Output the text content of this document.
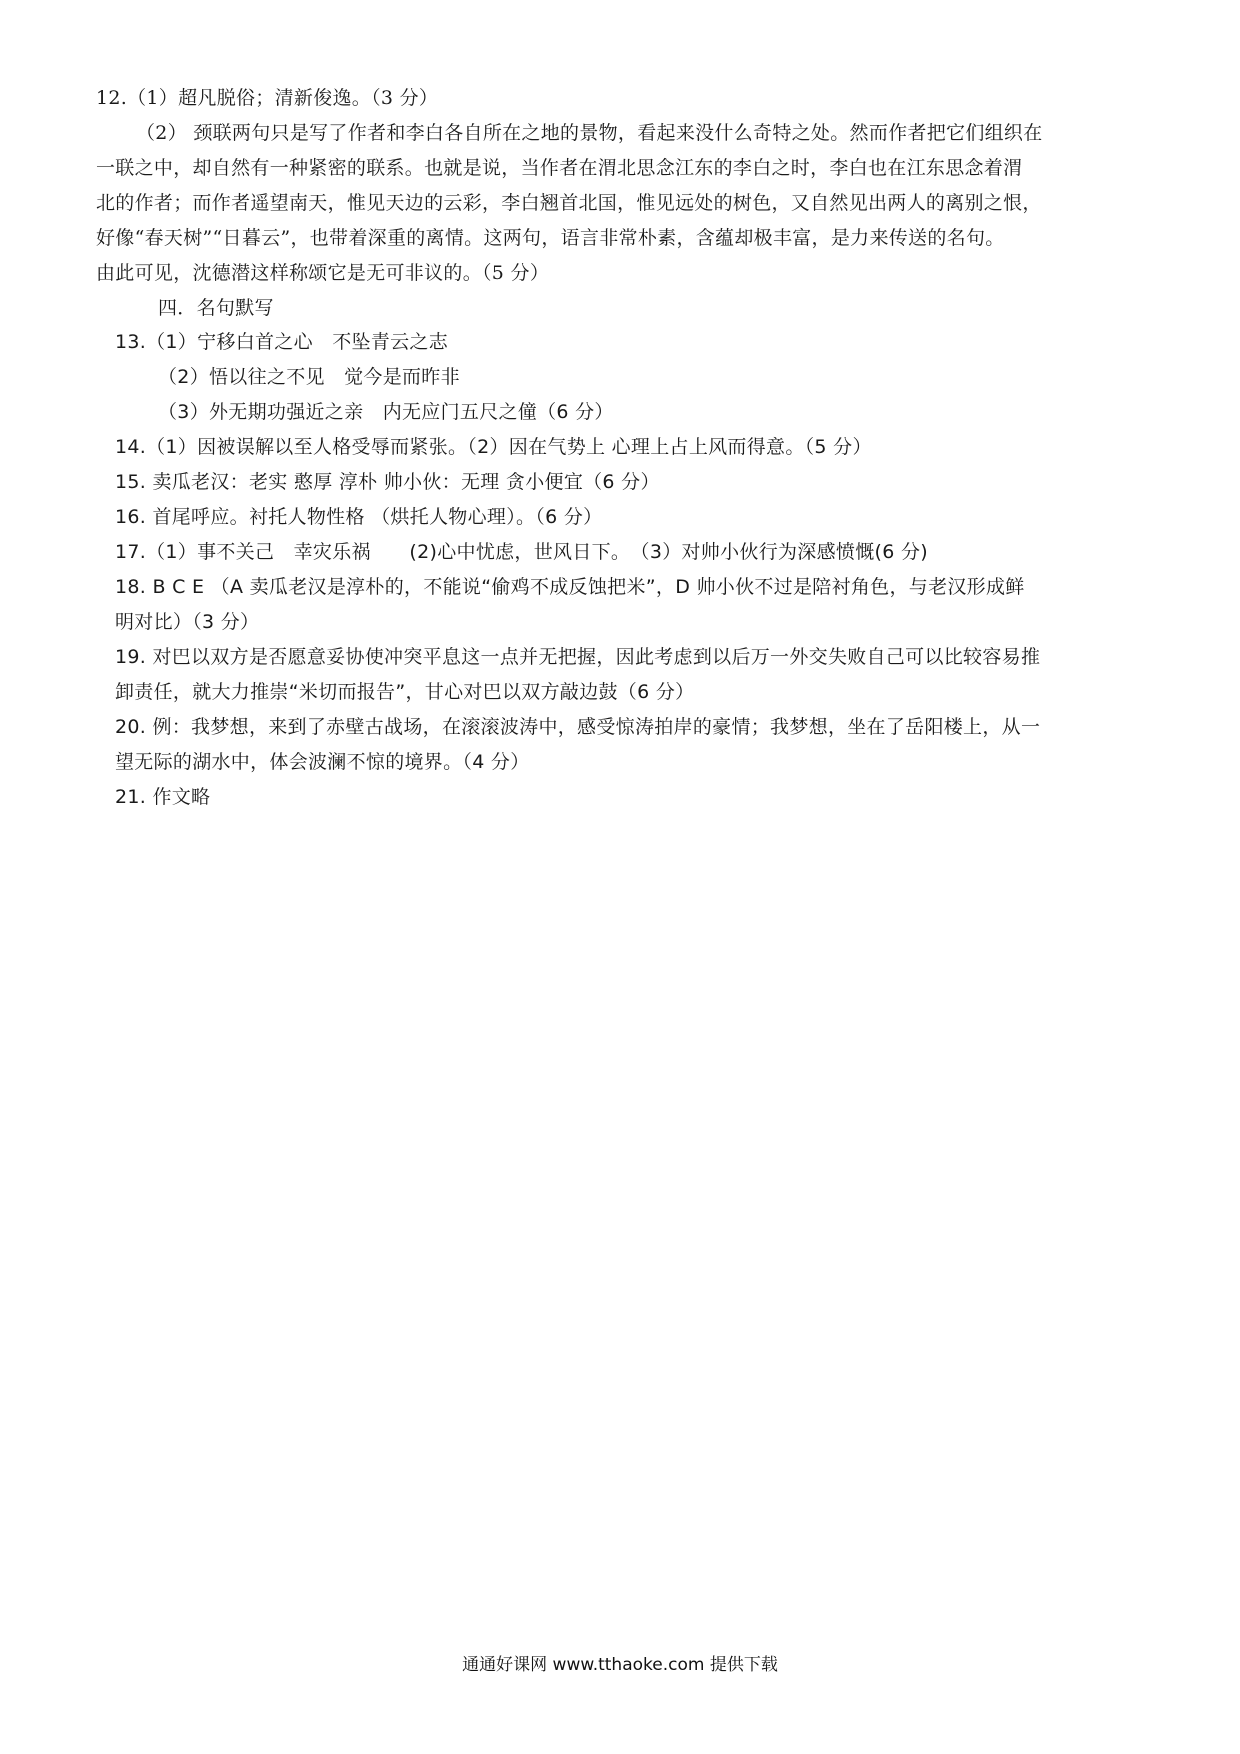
12.（1）超凡脱俗；清新俊逸。（3 分）
（2） 颈联两句只是写了作者和李白各自所在之地的景物，看起来没什么奇特之处。然而作者把它们组织在
一联之中，却自然有一种紧密的联系。也就是说，当作者在渭北思念江东的李白之时，李白也在江东思念着渭
北的作者；而作者遥望南天，惟见天边的云彩，李白翘首北国，惟见远处的树色，又自然见出两人的离别之恨，
好像“春天树”“日暮云”，也带着深重的离情。这两句，语言非常朴素，含蕴却极丰富，是力来传送的名句。
由此可见，沈德潜这样称颂它是无可非议的。（5 分）
四．名句默写
13.（1）宁移白首之心　不坠青云之志
（2）悟以往之不见　觉今是而昨非
（3）外无期功强近之亲　内无应门五尺之僮（6 分）
14.（1）因被误解以至人格受辱而紧张。（2）因在气势上 心理上占上风而得意。（5 分）
15. 卖瓜老汉：老实 憨厚 淳朴 帅小伙：无理 贪小便宜（6 分）
16. 首尾呼应。衬托人物性格 （烘托人物心理）。（6 分）
17.（1）事不关己　幸灾乐祸　　(2)心中忧虑，世风日下。　（3）对帅小伙行为深感愤慨(6 分)
18. B C E （A 卖瓜老汉是淳朴的，不能说“偷鸡不成反蚀把米”，D 帅小伙不过是陪衬角色，与老汉形成鲜
明对比）（3 分）
19. 对巴以双方是否愿意妥协使冲突平息这一点并无把握，因此考虑到以后万一外交失败自己可以比较容易推
卸责任，就大力推崇“米切而报告”，甘心对巴以双方敲边鼓（6 分）
20. 例：我梦想，来到了赤壁古战场，在滚滚波涛中，感受惊涛拍岸的豪情；我梦想，坐在了岳阳楼上，从一
望无际的湖水中，体会波澜不惊的境界。（4 分）
21. 作文略
通通好课网 www.tthaoke.com 提供下载
